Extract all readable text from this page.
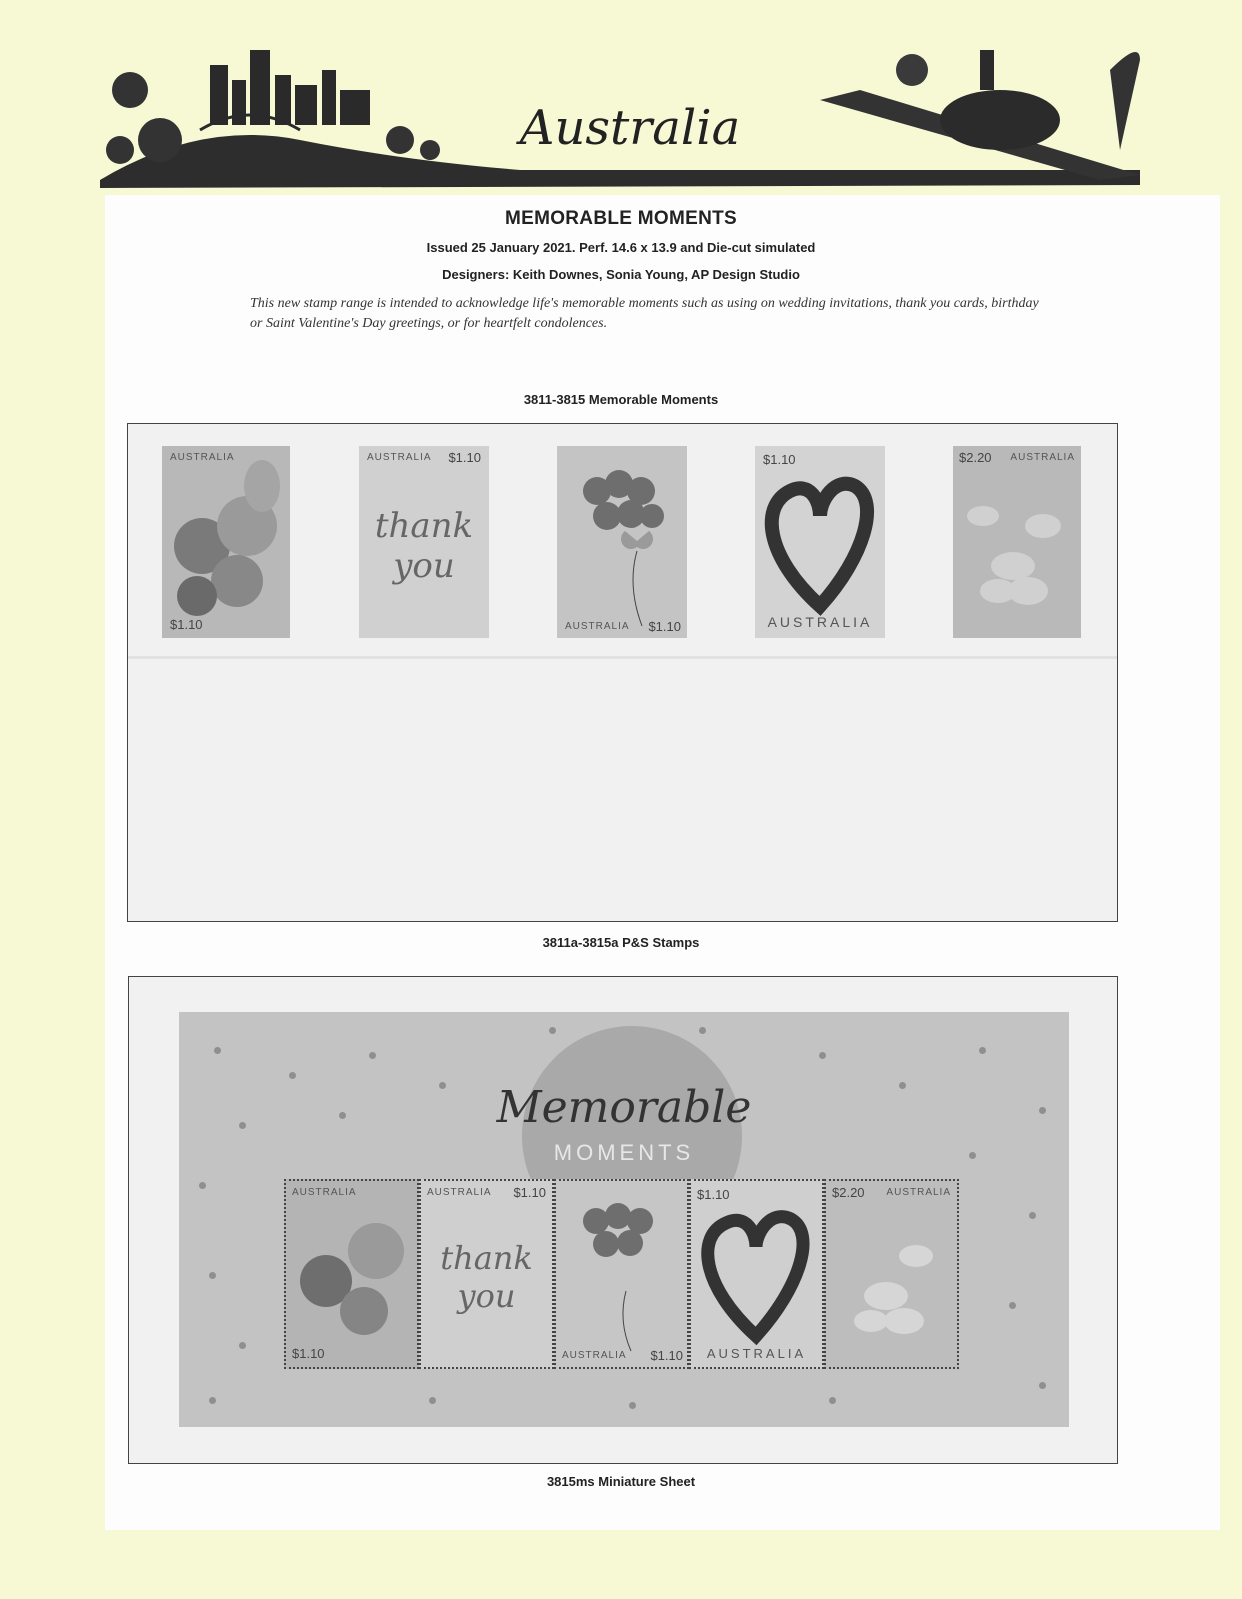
Australia
MEMORABLE MOMENTS
Issued 25 January 2021. Perf. 14.6 x 13.9 and Die-cut simulated
Designers: Keith Downes, Sonia Young, AP Design Studio
This new stamp range is intended to acknowledge life's memorable moments such as using on wedding invitations, thank you cards, birthday or Saint Valentine's Day greetings, or for heartfelt condolences.
3811-3815 Memorable Moments
AUSTRALIA
$1.10
AUSTRALIA $1.10
thank you
AUSTRALIA $1.10
$1.10
AUSTRALIA
$2.20 AUSTRALIA
3811a-3815a P&S Stamps
Memorable
MOMENTS
AUSTRALIA
$1.10
AUSTRALIA $1.10
thank you
AUSTRALIA $1.10
$1.10
AUSTRALIA
$2.20 AUSTRALIA
3815ms Miniature Sheet
